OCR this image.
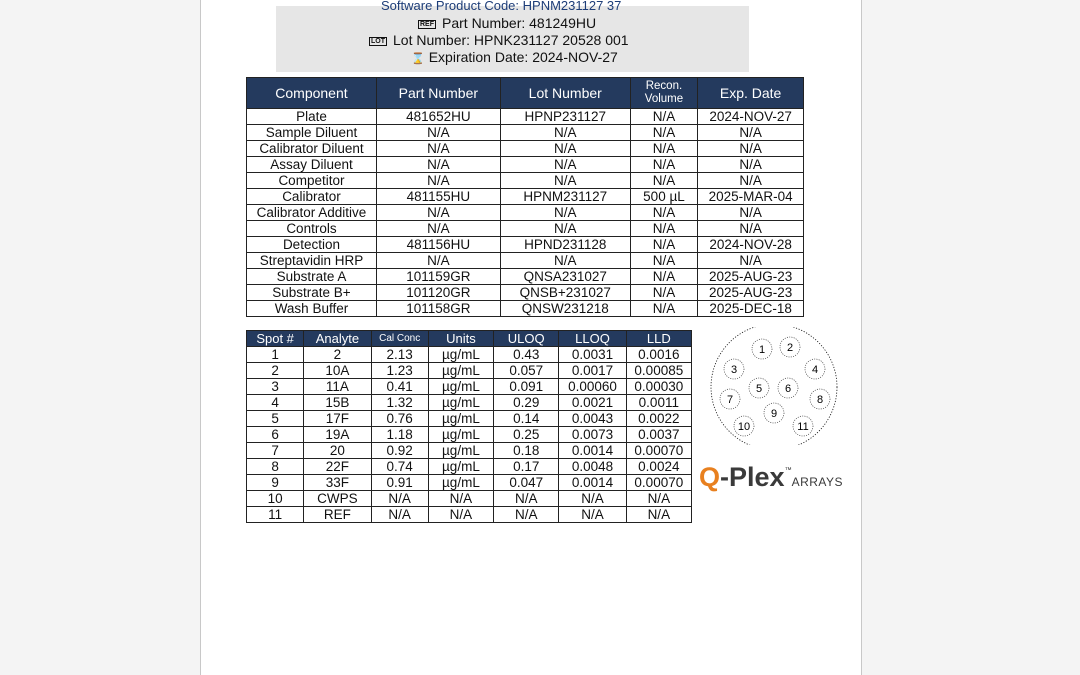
Software Product Code: HPNM231127 37
REF Part Number: 481249HU
LOT Lot Number: HPNK231127 20528 001
⌛ Expiration Date: 2024-NOV-27
Component	Part Number	Lot Number	Recon. Volume	Exp. Date
Plate	481652HU	HPNP231127	N/A	2024-NOV-27
Sample Diluent	N/A	N/A	N/A	N/A
Calibrator Diluent	N/A	N/A	N/A	N/A
Assay Diluent	N/A	N/A	N/A	N/A
Competitor	N/A	N/A	N/A	N/A
Calibrator	481155HU	HPNM231127	500 µL	2025-MAR-04
Calibrator Additive	N/A	N/A	N/A	N/A
Controls	N/A	N/A	N/A	N/A
Detection	481156HU	HPND231128	N/A	2024-NOV-28
Streptavidin HRP	N/A	N/A	N/A	N/A
Substrate A	101159GR	QNSA231027	N/A	2025-AUG-23
Substrate B+	101120GR	QNSB+231027	N/A	2025-AUG-23
Wash Buffer	101158GR	QNSW231218	N/A	2025-DEC-18
Spot #	Analyte	Cal Conc	Units	ULOQ	LLOQ	LLD
1	2	2.13	µg/mL	0.43	0.0031	0.0016
2	10A	1.23	µg/mL	0.057	0.0017	0.00085
3	11A	0.41	µg/mL	0.091	0.00060	0.00030
4	15B	1.32	µg/mL	0.29	0.0021	0.0011
5	17F	0.76	µg/mL	0.14	0.0043	0.0022
6	19A	1.18	µg/mL	0.25	0.0073	0.0037
7	20	0.92	µg/mL	0.18	0.0014	0.00070
8	22F	0.74	µg/mL	0.17	0.0048	0.0024
9	33F	0.91	µg/mL	0.047	0.0014	0.00070
10	CWPS	N/A	N/A	N/A	N/A	N/A
11	REF	N/A	N/A	N/A	N/A	N/A
1 2
3	4
5 6
7	8
9
10	11
Q-Plex™ARRAYS
